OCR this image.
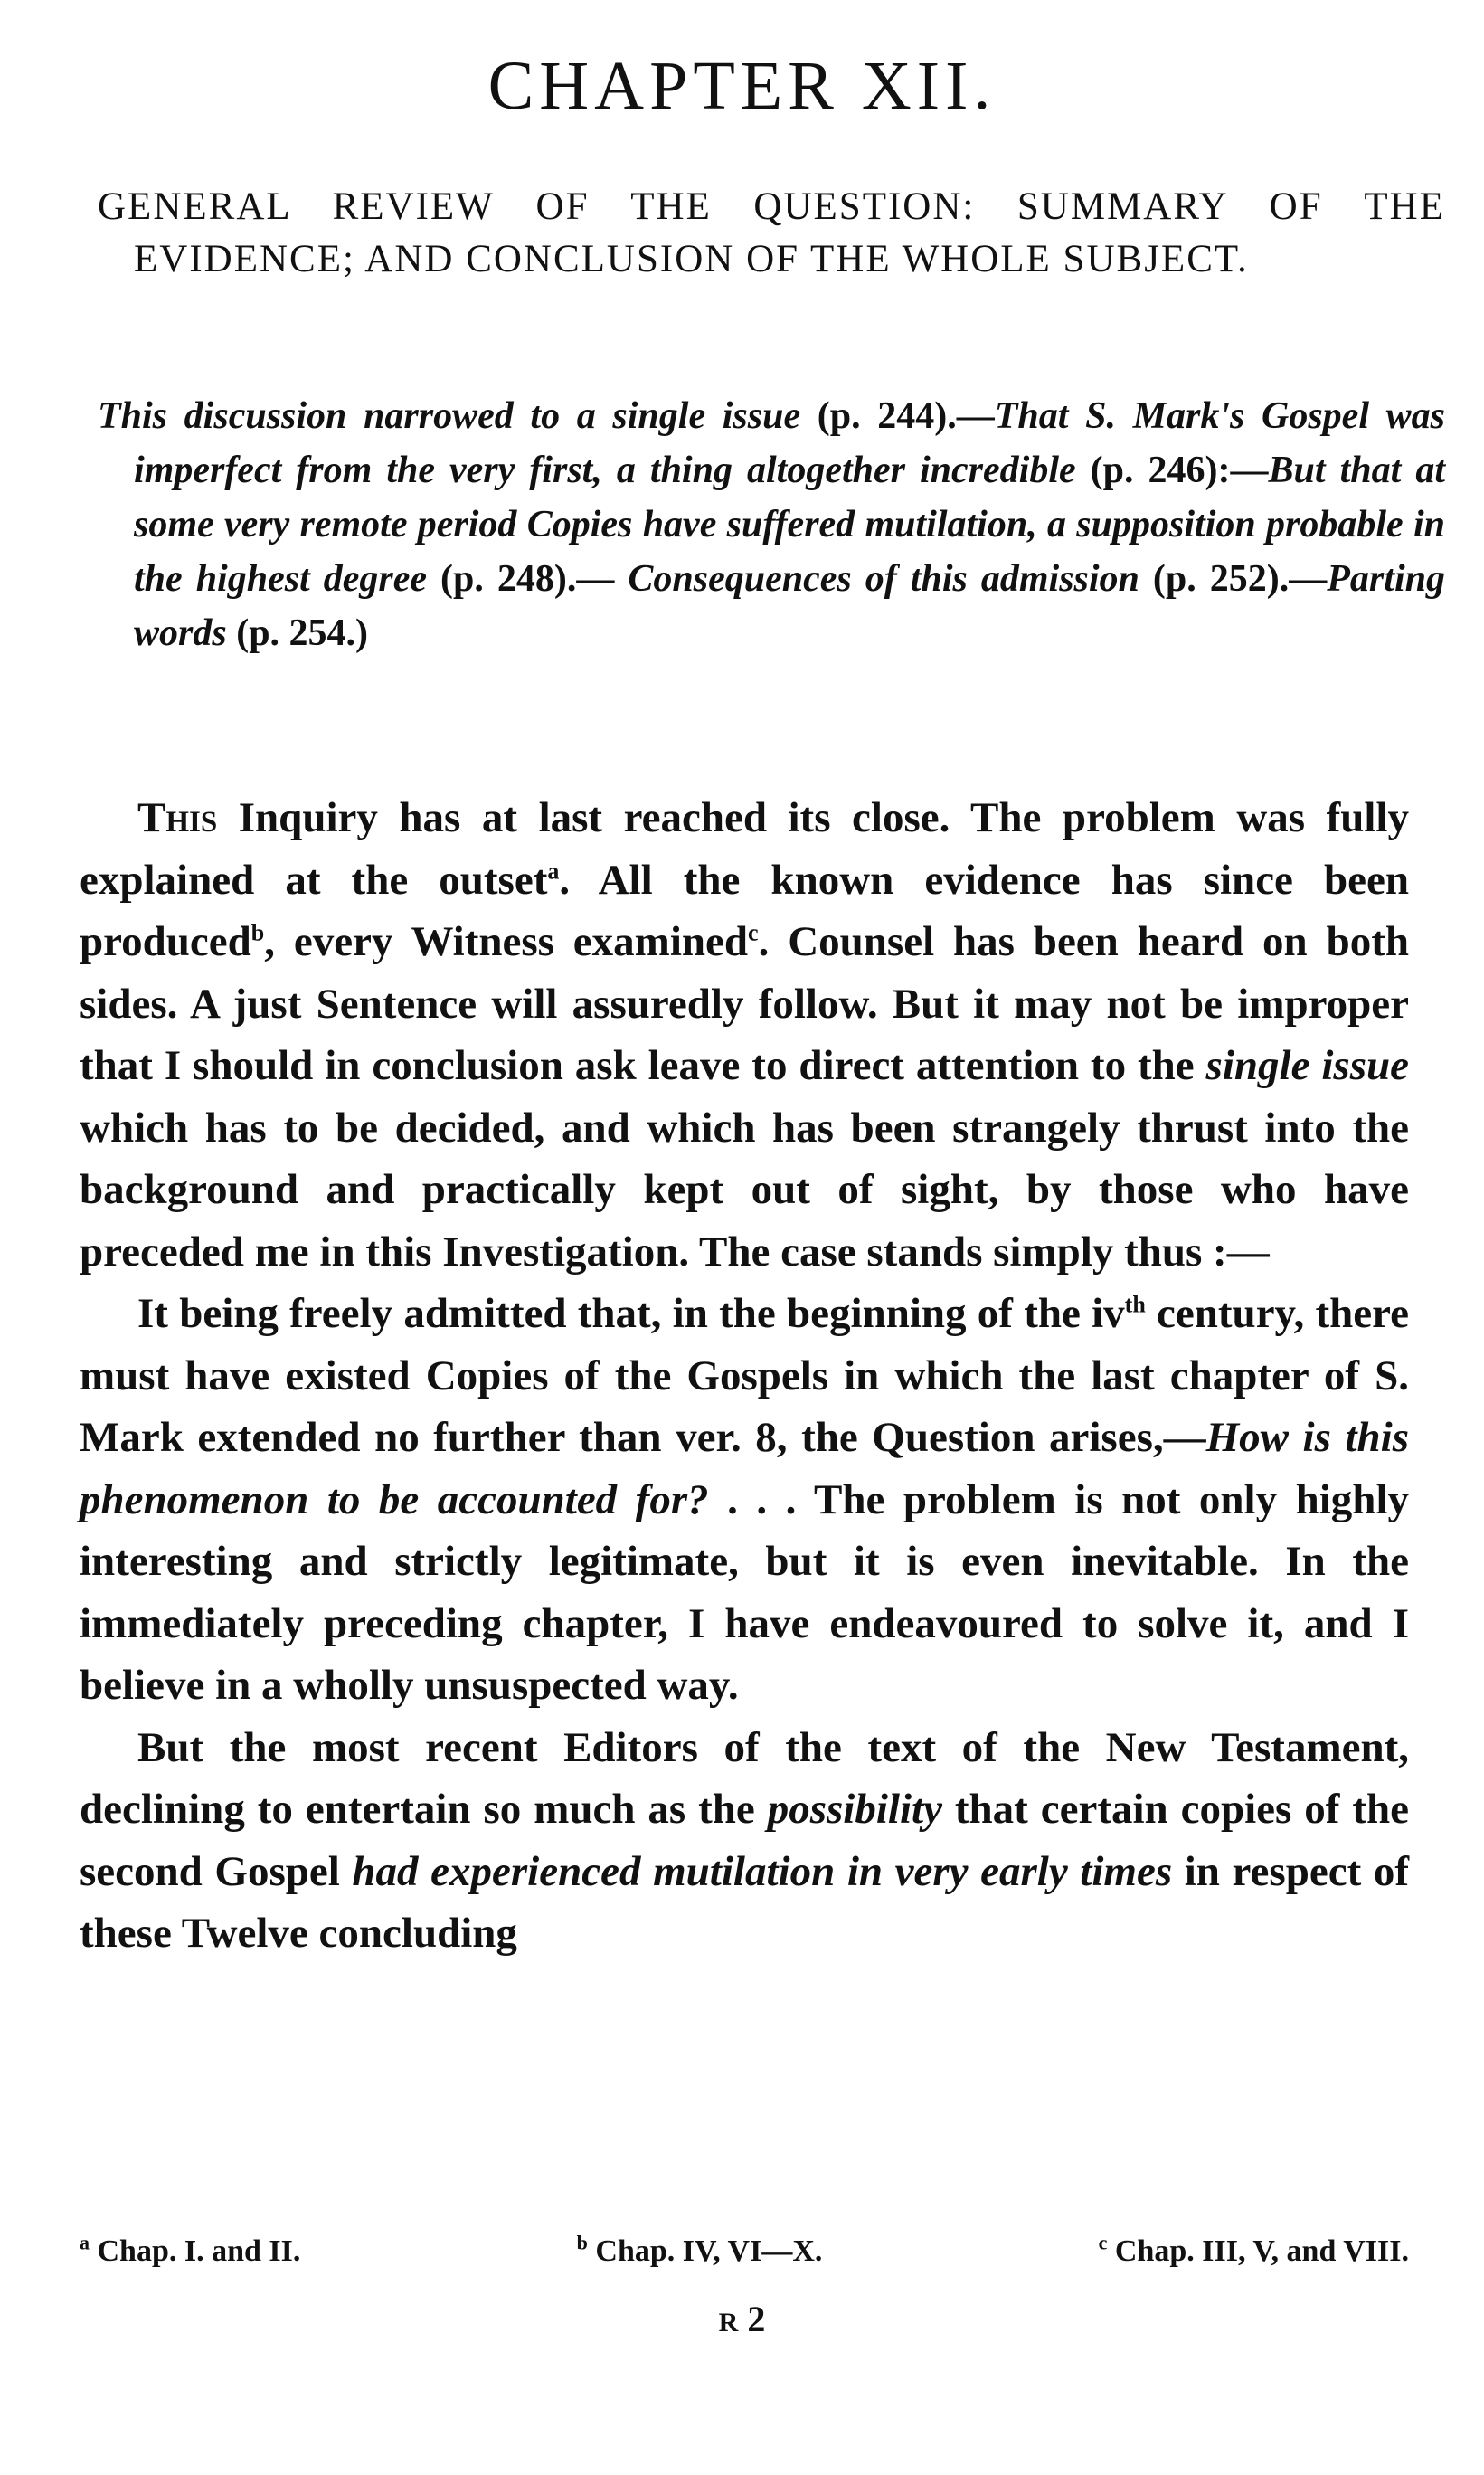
CHAPTER XII.

GENERAL REVIEW OF THE QUESTION: SUMMARY OF THE EVIDENCE; AND CONCLUSION OF THE WHOLE SUBJECT.

This discussion narrowed to a single issue (p. 244).—That S. Mark's Gospel was imperfect from the very first, a thing altogether incredible (p. 246):—But that at some very remote period Copies have suffered mutilation, a supposition probable in the highest degree (p. 248).— Consequences of this admission (p. 252).—Parting words (p. 254.)

This Inquiry has at last reached its close. The problem was fully explained at the outset$^a$. All the known evidence has since been produced$^b$, every Witness examined$^c$. Counsel has been heard on both sides. A just Sentence will assuredly follow. But it may not be improper that I should in conclusion ask leave to direct attention to the single issue which has to be decided, and which has been strangely thrust into the background and practically kept out of sight, by those who have preceded me in this Investigation. The case stands simply thus :—

It being freely admitted that, in the beginning of the $iv^{th}$ century, there must have existed Copies of the Gospels in which the last chapter of S. Mark extended no further than ver. 8, the Question arises,—How is this phenomenon to be accounted for? . . . The problem is not only highly interesting and strictly legitimate, but it is even inevitable. In the immediately preceding chapter, I have endeavoured to solve it, and I believe in a wholly unsuspected way.

But the most recent Editors of the text of the New Testament, declining to entertain so much as the possibility that certain copies of the second Gospel had experienced mutilation in very early times in respect of these Twelve concluding

$^a$ Chap. I. and II.	$^b$ Chap. IV, VI—X.	$^c$ Chap. III, V, and VIII.
R 2
